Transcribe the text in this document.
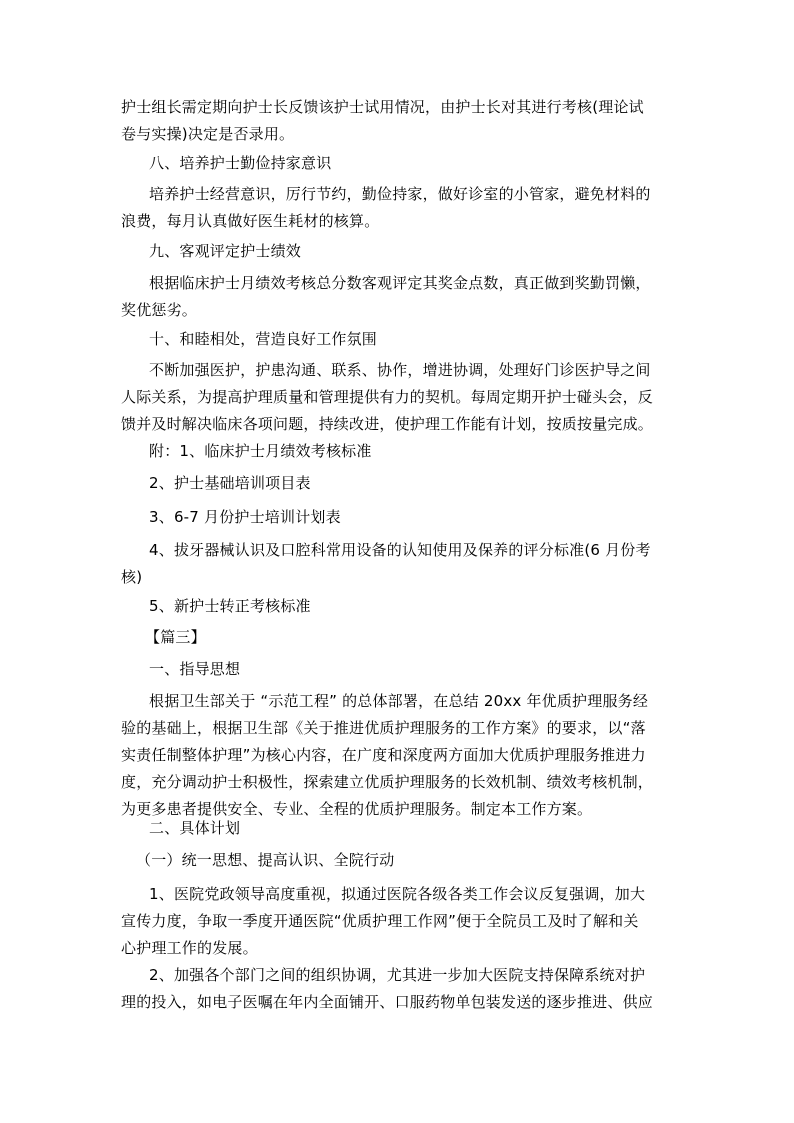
护士组长需定期向护士长反馈该护士试用情况，由护士长对其进行考核(理论试
卷与实操)决定是否录用。
八、培养护士勤俭持家意识
培养护士经营意识，厉行节约，勤俭持家，做好诊室的小管家，避免材料的
浪费，每月认真做好医生耗材的核算。
九、客观评定护士绩效
根据临床护士月绩效考核总分数客观评定其奖金点数，真正做到奖勤罚懒，
奖优惩劣。
十、和睦相处，营造良好工作氛围
不断加强医护，护患沟通、联系、协作，增进协调，处理好门诊医护导之间
人际关系，为提高护理质量和管理提供有力的契机。每周定期开护士碰头会，反
馈并及时解决临床各项问题，持续改进，使护理工作能有计划，按质按量完成。
附：1、临床护士月绩效考核标准
2、护士基础培训项目表
3、6-7 月份护士培训计划表
4、拔牙器械认识及口腔科常用设备的认知使用及保养的评分标准(6 月份考
核)
5、新护士转正考核标准
【篇三】
一、指导思想
根据卫生部关于 “示范工程” 的总体部署，在总结 20xx 年优质护理服务经
验的基础上，根据卫生部《关于推进优质护理服务的工作方案》的要求，以“落
实责任制整体护理”为核心内容，在广度和深度两方面加大优质护理服务推进力
度，充分调动护士积极性，探索建立优质护理服务的长效机制、绩效考核机制，
为更多患者提供安全、专业、全程的优质护理服务。制定本工作方案。
二、具体计划
（一）统一思想、提高认识、全院行动
1、医院党政领导高度重视，拟通过医院各级各类工作会议反复强调，加大
宣传力度，争取一季度开通医院“优质护理工作网”便于全院员工及时了解和关
心护理工作的发展。
2、加强各个部门之间的组织协调，尤其进一步加大医院支持保障系统对护
理的投入，如电子医嘱在年内全面铺开、口服药物单包装发送的逐步推进、供应
